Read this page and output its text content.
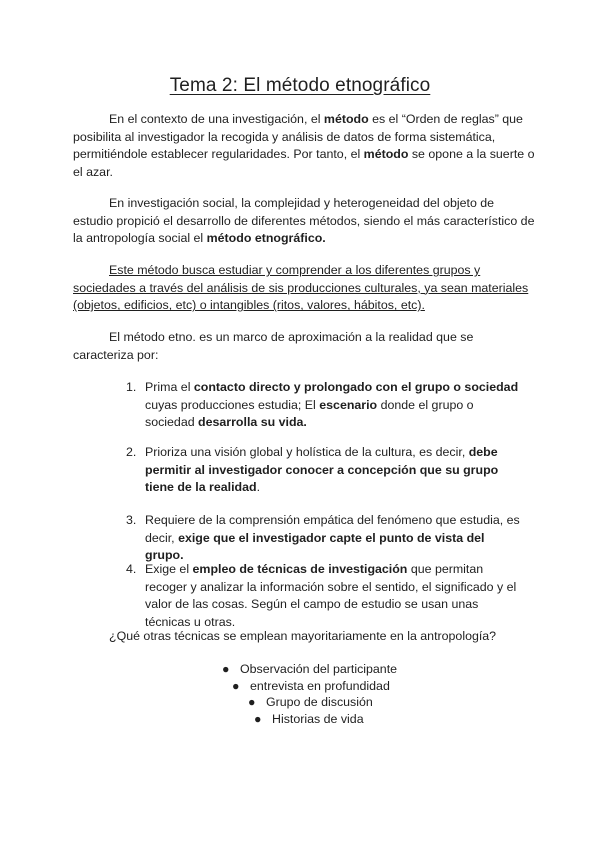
Tema 2: El método etnográfico

En el contexto de una investigación, el método es el “Orden de reglas” que posibilita al investigador la recogida y análisis de datos de forma sistemática, permitiéndole establecer regularidades. Por tanto, el método se opone a la suerte o el azar.

En investigación social, la complejidad y heterogeneidad del objeto de estudio propició el desarrollo de diferentes métodos, siendo el más característico de la antropología social el método etnográfico.

Este método busca estudiar y comprender a los diferentes grupos y sociedades a través del análisis de sis producciones culturales, ya sean materiales (objetos, edificios, etc) o intangibles (ritos, valores, hábitos, etc).

El método etno. es un marco de aproximación a la realidad que se caracteriza por:

1. Prima el contacto directo y prolongado con el grupo o sociedad cuyas producciones estudia; El escenario donde el grupo o sociedad desarrolla su vida.
2. Prioriza una visión global y holística de la cultura, es decir, debe permitir al investigador conocer a concepción que su grupo tiene de la realidad.
3. Requiere de la comprensión empática del fenómeno que estudia, es decir, exige que el investigador capte el punto de vista del grupo.
4. Exige el empleo de técnicas de investigación que permitan recoger y analizar la información sobre el sentido, el significado y el valor de las cosas. Según el campo de estudio se usan unas técnicas u otras.

¿Qué otras técnicas se emplean mayoritariamente en la antropología?

● Observación del participante
● entrevista en profundidad
● Grupo de discusión
● Historias de vida
